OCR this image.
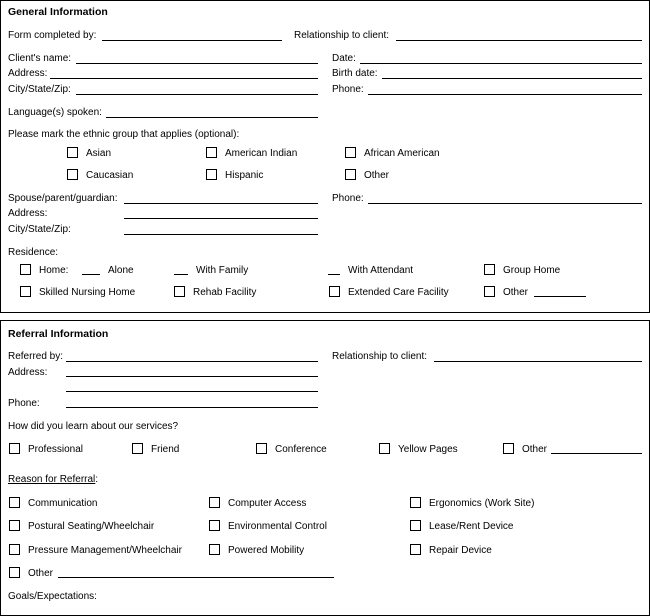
General Information
Form completed by:	Relationship to client:
Client's name:	Date:
Address:	Birth date:
City/State/Zip:	Phone:
Language(s) spoken:
Please mark the ethnic group that applies (optional):
Asian	American Indian	African American
Caucasian	Hispanic	Other
Spouse/parent/guardian:	Phone:
Address:
City/State/Zip:
Residence:
Home:	Alone	With Family	With Attendant	Group Home
Skilled Nursing Home	Rehab Facility	Extended Care Facility	Other
Referral Information
Referred by:	Relationship to client:
Address:
Phone:
How did you learn about our services?
Professional	Friend	Conference	Yellow Pages	Other
Reason for Referral:
Communication	Computer Access	Ergonomics (Work Site)
Postural Seating/Wheelchair	Environmental Control	Lease/Rent Device
Pressure Management/Wheelchair	Powered Mobility	Repair Device
Other
Goals/Expectations:
